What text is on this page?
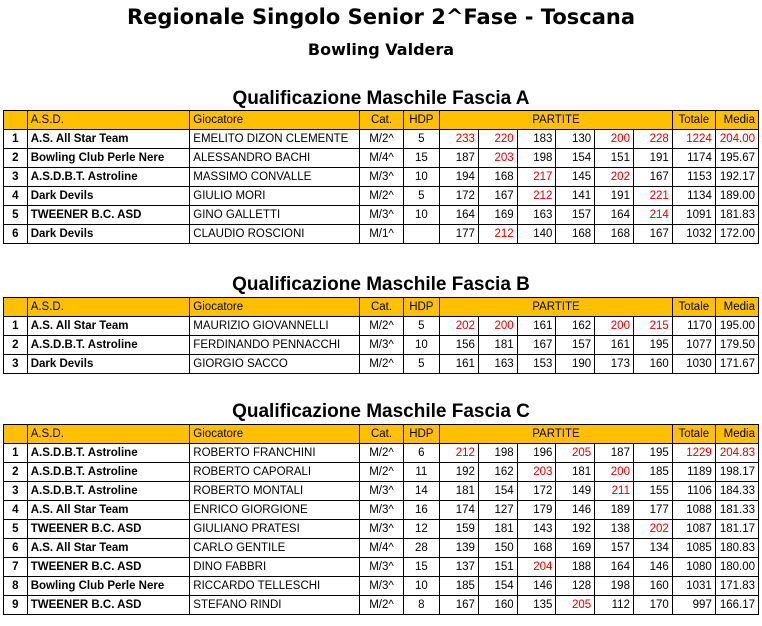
Regionale Singolo Senior 2^Fase - Toscana
Bowling Valdera
Qualificazione Maschile Fascia A
	A.S.D.	Giocatore	Cat.	HDP	PARTITE						Totale	Media
1	A.S. All Star Team	EMELITO DIZON CLEMENTE	M/2^	5	233	220	183	130	200	228	1224	204.00
2	Bowling Club Perle Nere	ALESSANDRO BACHI	M/4^	15	187	203	198	154	151	191	1174	195.67
3	A.S.D.B.T. Astroline	MASSIMO CONVALLE	M/3^	10	194	168	217	145	202	167	1153	192.17
4	Dark Devils	GIULIO MORI	M/2^	5	172	167	212	141	191	221	1134	189.00
5	TWEENER B.C. ASD	GINO GALLETTI	M/3^	10	164	169	163	157	164	214	1091	181.83
6	Dark Devils	CLAUDIO ROSCIONI	M/1^		177	212	140	168	168	167	1032	172.00
Qualificazione Maschile Fascia B
	A.S.D.	Giocatore	Cat.	HDP	PARTITE						Totale	Media
1	A.S. All Star Team	MAURIZIO GIOVANNELLI	M/2^	5	202	200	161	162	200	215	1170	195.00
2	A.S.D.B.T. Astroline	FERDINANDO PENNACCHI	M/3^	10	156	181	167	157	161	195	1077	179.50
3	Dark Devils	GIORGIO SACCO	M/2^	5	161	163	153	190	173	160	1030	171.67
Qualificazione Maschile Fascia C
	A.S.D.	Giocatore	Cat.	HDP	PARTITE						Totale	Media
1	A.S.D.B.T. Astroline	ROBERTO FRANCHINI	M/2^	6	212	198	196	205	187	195	1229	204.83
2	A.S.D.B.T. Astroline	ROBERTO CAPORALI	M/2^	11	192	162	203	181	200	185	1189	198.17
3	A.S.D.B.T. Astroline	ROBERTO MONTALI	M/3^	14	181	154	172	149	211	155	1106	184.33
4	A.S. All Star Team	ENRICO GIORGIONE	M/3^	16	174	127	179	146	189	177	1088	181.33
5	TWEENER B.C. ASD	GIULIANO PRATESI	M/3^	12	159	181	143	192	138	202	1087	181.17
6	A.S. All Star Team	CARLO GENTILE	M/4^	28	139	150	168	169	157	134	1085	180.83
7	TWEENER B.C. ASD	DINO FABBRI	M/3^	15	137	151	204	188	164	146	1080	180.00
8	Bowling Club Perle Nere	RICCARDO TELLESCHI	M/3^	10	185	154	146	128	198	160	1031	171.83
9	TWEENER B.C. ASD	STEFANO RINDI	M/2^	8	167	160	135	205	112	170	997	166.17
